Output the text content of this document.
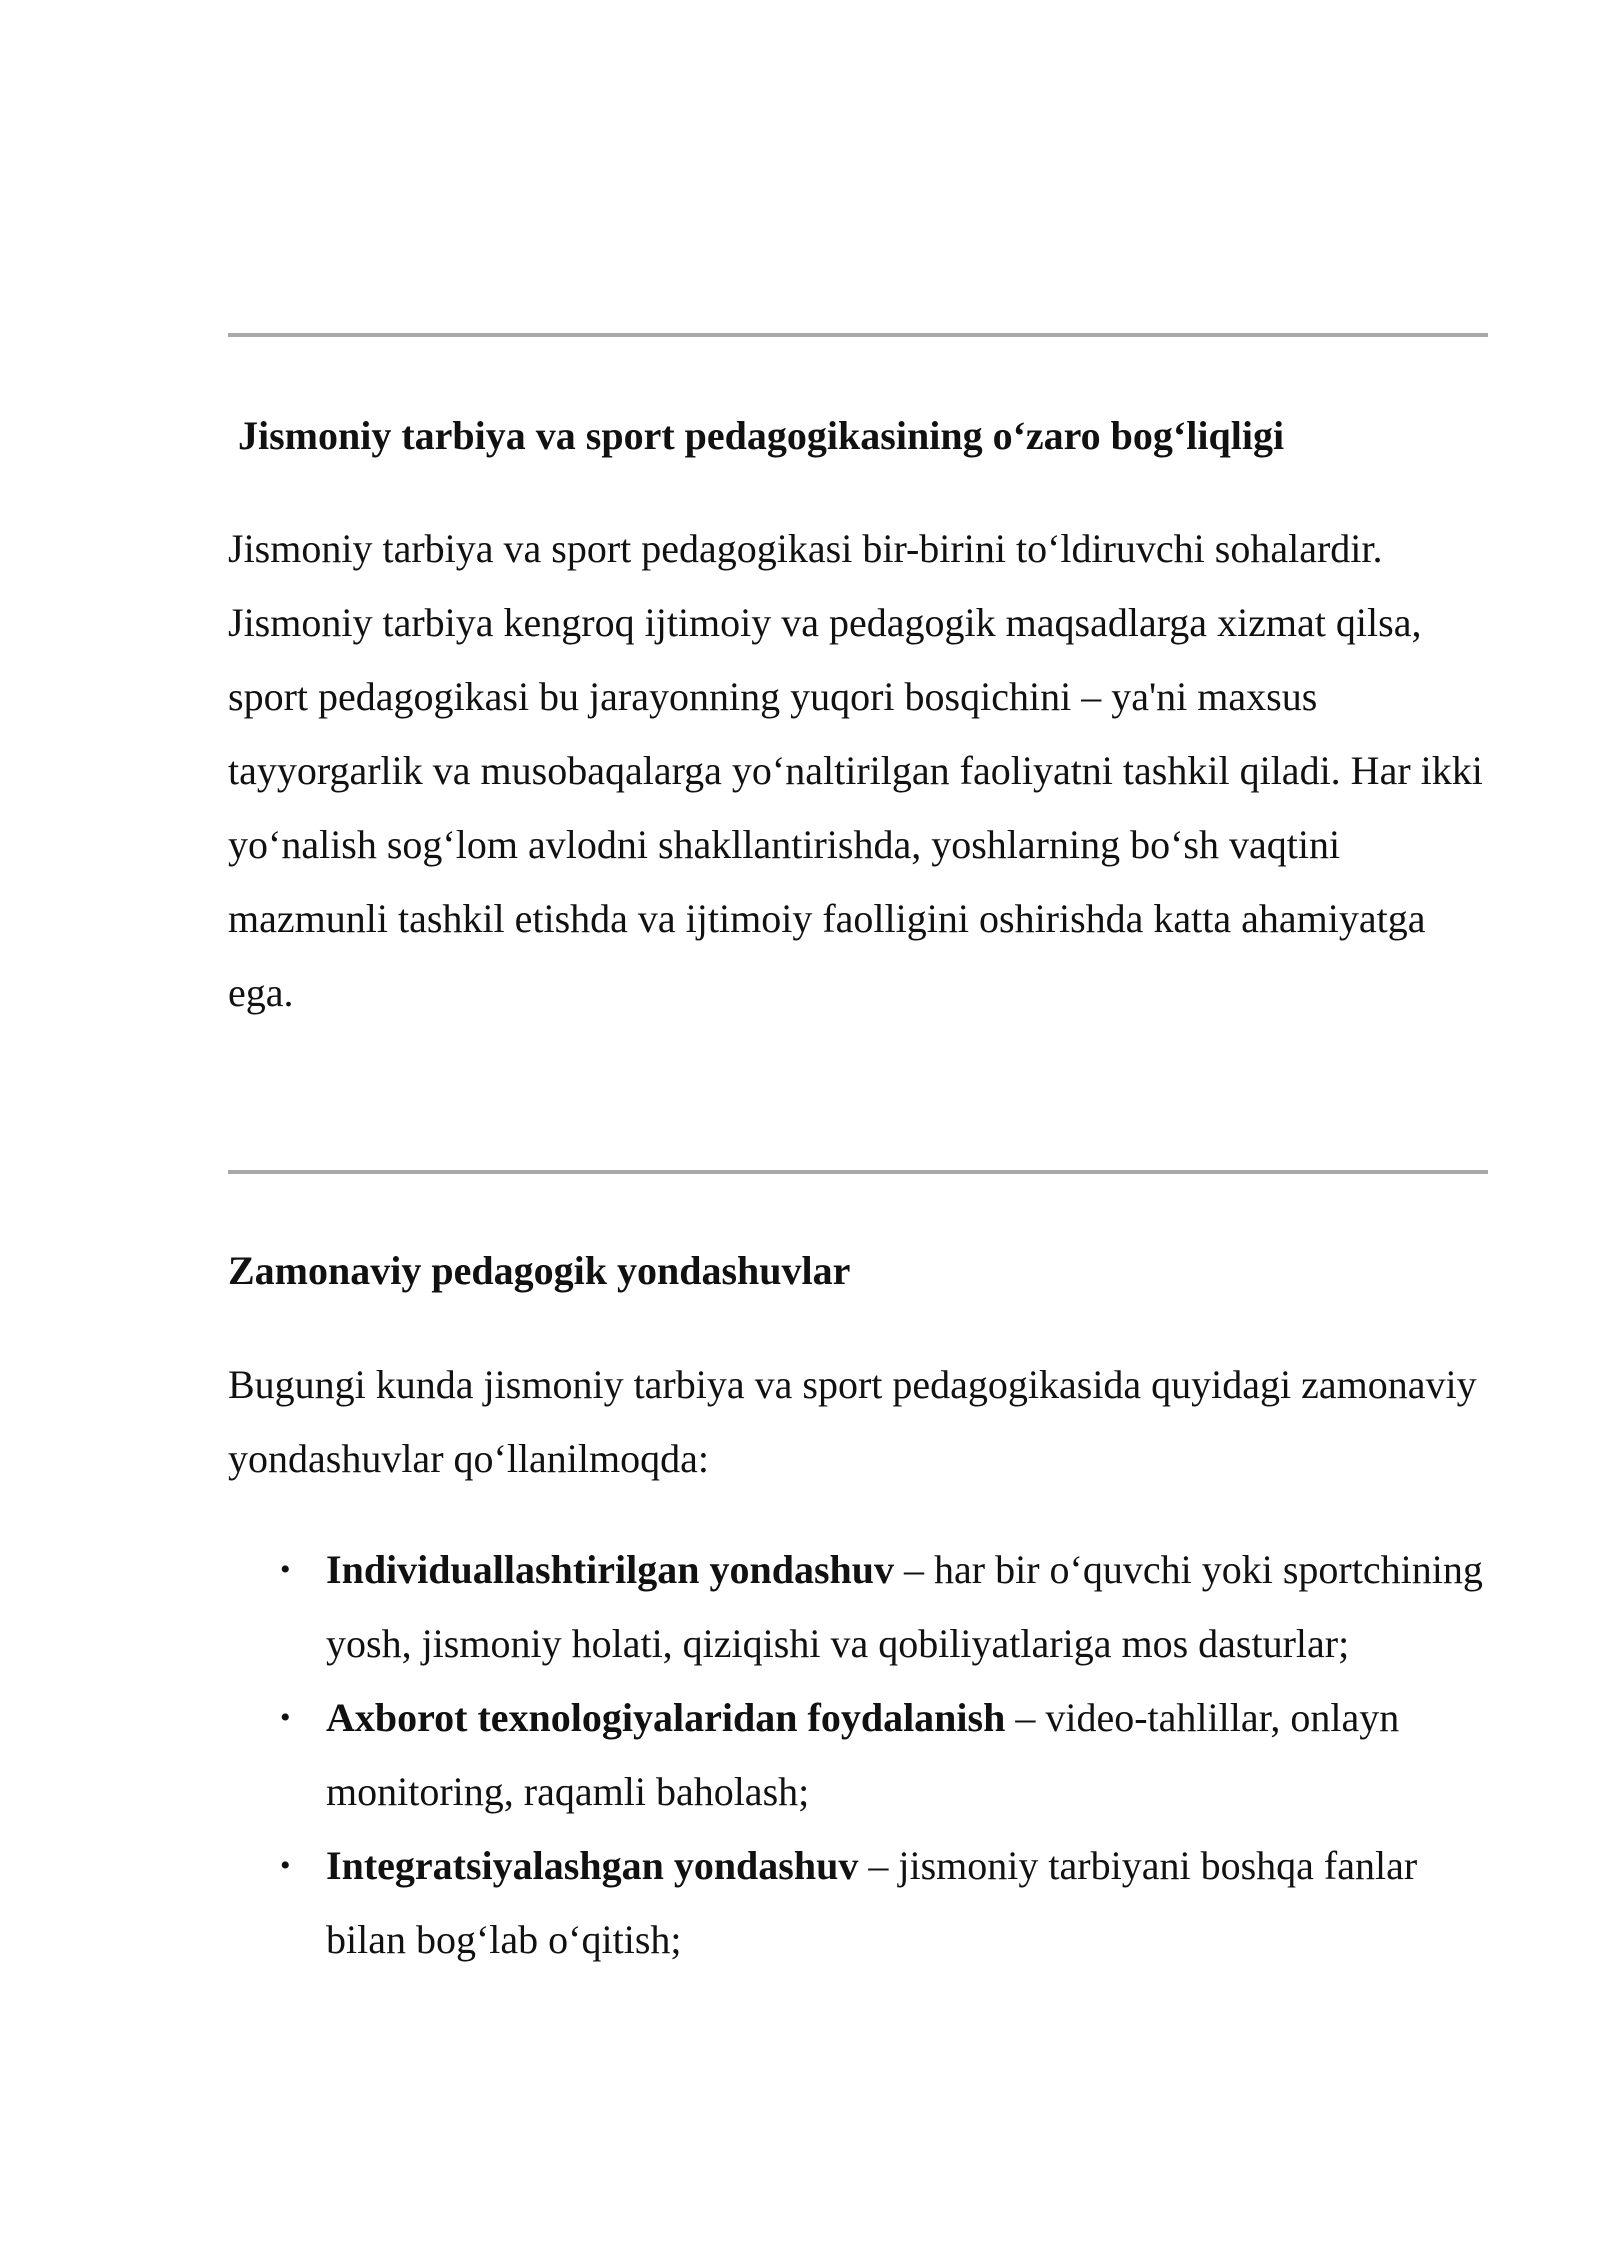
Jismoniy tarbiya va sport pedagogikasining o‘zaro bog‘liqligi

Jismoniy tarbiya va sport pedagogikasi bir-birini to‘ldiruvchi sohalardir. Jismoniy tarbiya kengroq ijtimoiy va pedagogik maqsadlarga xizmat qilsa, sport pedagogikasi bu jarayonning yuqori bosqichini – ya'ni maxsus tayyorgarlik va musobaqalarga yo‘naltirilgan faoliyatni tashkil qiladi. Har ikki yo‘nalish sog‘lom avlodni shakllantirishda, yoshlarning bo‘sh vaqtini mazmunli tashkil etishda va ijtimoiy faolligini oshirishda katta ahamiyatga ega.

Zamonaviy pedagogik yondashuvlar

Bugungi kunda jismoniy tarbiya va sport pedagogikasida quyidagi zamonaviy yondashuvlar qo‘llanilmoqda:

• Individuallashtirilgan yondashuv – har bir o‘quvchi yoki sportchining yosh, jismoniy holati, qiziqishi va qobiliyatlariga mos dasturlar;
• Axborot texnologiyalaridan foydalanish – video-tahlillar, onlayn monitoring, raqamli baholash;
• Integratsiyalashgan yondashuv – jismoniy tarbiyani boshqa fanlar bilan bog‘lab o‘qitish;
